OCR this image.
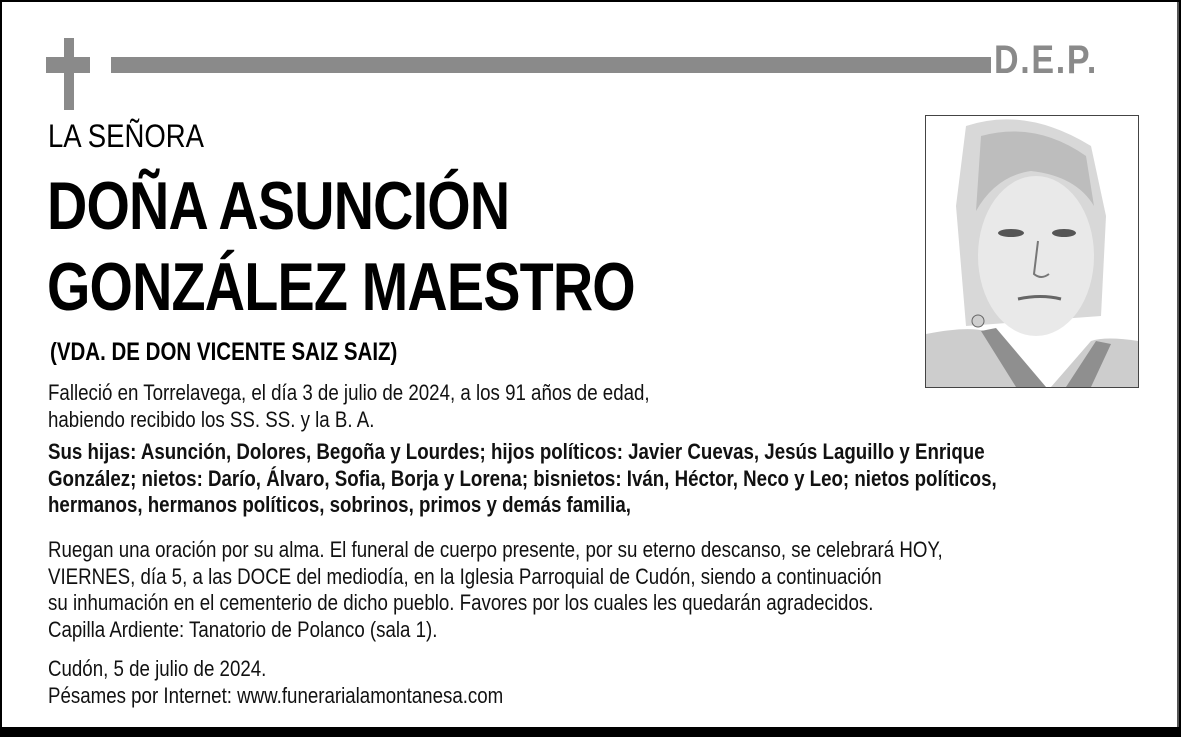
D.E.P.
LA SEÑORA
DOÑA ASUNCIÓN
GONZÁLEZ MAESTRO
(VDA. DE DON VICENTE SAIZ SAIZ)
Falleció en Torrelavega, el día 3 de julio de 2024, a los 91 años de edad,
habiendo recibido los SS. SS. y la B. A.
Sus hijas: Asunción, Dolores, Begoña y Lourdes; hijos políticos: Javier Cuevas, Jesús Laguillo y Enrique
González; nietos: Darío, Álvaro, Sofia, Borja y Lorena; bisnietos: Iván, Héctor, Neco y Leo; nietos políticos,
hermanos, hermanos políticos, sobrinos, primos y demás familia,
Ruegan una oración por su alma. El funeral de cuerpo presente, por su eterno descanso, se celebrará HOY,
VIERNES, día 5, a las DOCE del mediodía, en la Iglesia Parroquial de Cudón, siendo a continuación
su inhumación en el cementerio de dicho pueblo. Favores por los cuales les quedarán agradecidos.
Capilla Ardiente: Tanatorio de Polanco (sala 1).
Cudón, 5 de julio de 2024.
Pésames por Internet: www.funerarialamontanesa.com
